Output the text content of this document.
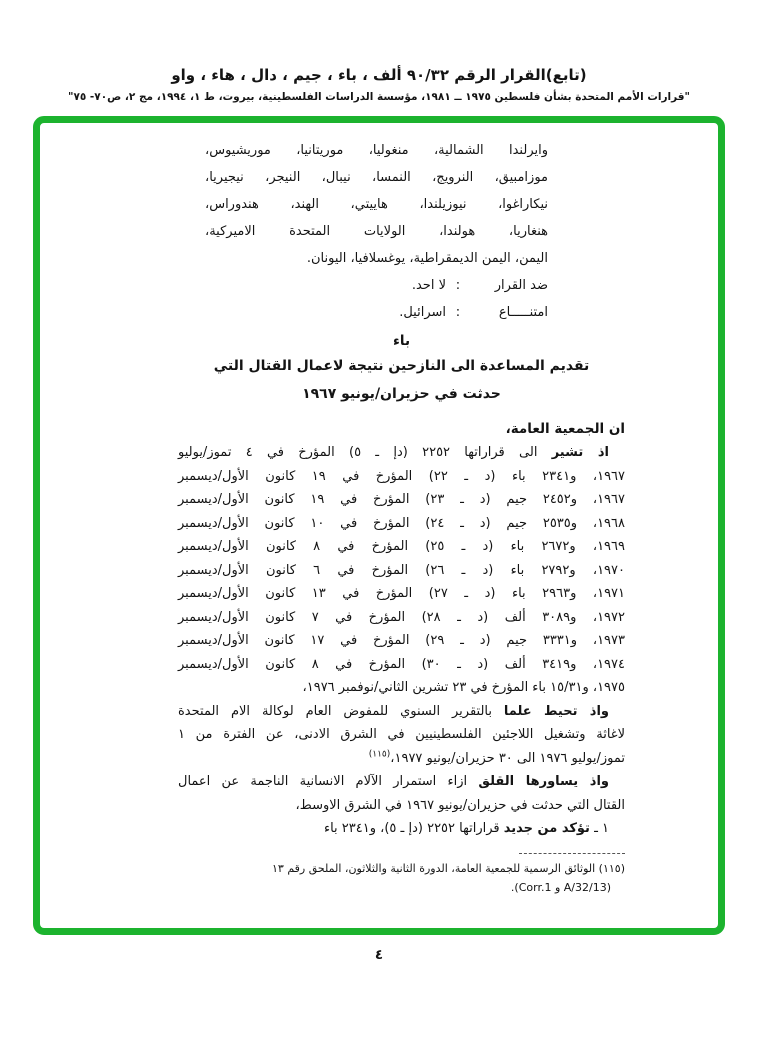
(تابع)القرار الرقم ٩٠/٣٢ ألف ، باء ، جيم ، دال ، هاء ، واو
"قرارات الأمم المتحدة بشأن فلسطين ١٩٧٥ ــ ١٩٨١، مؤسسة الدراسات الفلسطينية، بيروت، ط ١، ١٩٩٤، مج ٢، ص٧٠- ٧٥"
وايرلندا الشمالية، منغوليا، موريتانيا، موريشيوس،
موزامبيق، النرويج، النمسا، نيبال، النيجر، نيجيريا،
نيكاراغوا، نيوزيلندا، هاييتي، الهند، هندوراس،
هنغاريا، هولندا، الولايات المتحدة الاميركية،
اليمن، اليمن الديمقراطية، يوغسلافيا، اليونان.
ضد القرار:لا احد.
امتنـــــاع:اسرائيل.
باء
تقديم المساعدة الى النازحين نتيجة لاعمال القتال التي
حدثت في حزيران/يونيو ١٩٦٧
ان الجمعية العامة،
اذ تشير الى قراراتها ٢٢٥٢ (دإ ـ ٥) المؤرخ في ٤ تموز/يوليو
١٩٦٧، و٢٣٤١ باء (د ـ ٢٢) المؤرخ في ١٩ كانون الأول/ديسمبر
١٩٦٧، و٢٤٥٢ جيم (د ـ ٢٣) المؤرخ في ١٩ كانون الأول/ديسمبر
١٩٦٨، و٢٥٣٥ جيم (د ـ ٢٤) المؤرخ في ١٠ كانون الأول/ديسمبر
١٩٦٩، و٢٦٧٢ باء (د ـ ٢٥) المؤرخ في ٨ كانون الأول/ديسمبر
١٩٧٠، و٢٧٩٢ باء (د ـ ٢٦) المؤرخ في ٦ كانون الأول/ديسمبر
١٩٧١، و٢٩٦٣ باء (د ـ ٢٧) المؤرخ في ١٣ كانون الأول/ديسمبر
١٩٧٢، و٣٠٨٩ ألف (د ـ ٢٨) المؤرخ في ٧ كانون الأول/ديسمبر
١٩٧٣، و٣٣٣١ جيم (د ـ ٢٩) المؤرخ في ١٧ كانون الأول/ديسمبر
١٩٧٤، و٣٤١٩ ألف (د ـ ٣٠) المؤرخ في ٨ كانون الأول/ديسمبر
١٩٧٥، و١٥/٣١ باء المؤرخ في ٢٣ تشرين الثاني/نوفمبر ١٩٧٦،
واذ تحيط علما بالتقرير السنوي للمفوض العام لوكالة الام المتحدة
لاغاثة وتشغيل اللاجئين الفلسطينيين في الشرق الادنى، عن الفترة من ١
تموز/يوليو ١٩٧٦ الى ٣٠ حزيران/يونيو ١٩٧٧،$^{(١١٥)}$
واذ يساورها القلق ازاء استمرار الآلام الانسانية الناجمة عن اعمال
القتال التي حدثت في حزيران/يونيو ١٩٦٧ في الشرق الاوسط،
١ ـ تؤكد من جديد قراراتها ٢٢٥٢ (دإ ـ ٥)، و٢٣٤١ باء
(١١٥) الوثائق الرسمية للجمعية العامة، الدورة الثانية والثلاثون، الملحق رقم ١٣
(A/32/13 و Corr.1).
٤
